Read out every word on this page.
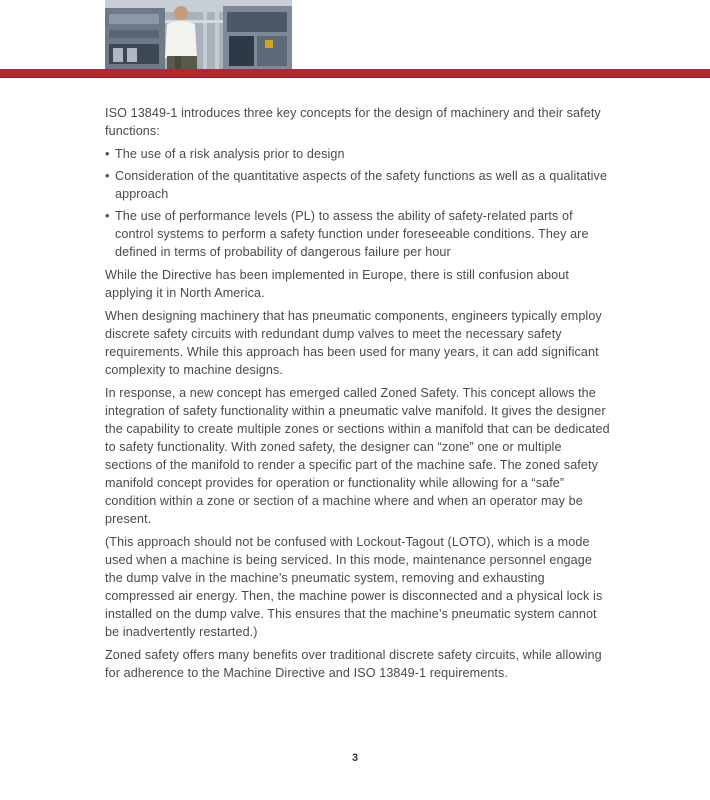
ISO 13849-1 introduces three key concepts for the design of machinery and their safety functions:

• The use of a risk analysis prior to design
• Consideration of the quantitative aspects of the safety functions as well as a qualitative approach
• The use of performance levels (PL) to assess the ability of safety-related parts of control systems to perform a safety function under foreseeable conditions. They are defined in terms of probability of dangerous failure per hour

While the Directive has been implemented in Europe, there is still confusion about applying it in North America.

When designing machinery that has pneumatic components, engineers typically employ discrete safety circuits with redundant dump valves to meet the necessary safety requirements. While this approach has been used for many years, it can add significant complexity to machine designs.

In response, a new concept has emerged called Zoned Safety. This concept allows the integration of safety functionality within a pneumatic valve manifold. It gives the designer the capability to create multiple zones or sections within a manifold that can be dedicated to safety functionality. With zoned safety, the designer can “zone” one or multiple sections of the manifold to render a specific part of the machine safe. The zoned safety manifold concept provides for operation or functionality while allowing for a “safe” condition within a zone or section of a machine where and when an operator may be present.

(This approach should not be confused with Lockout-Tagout (LOTO), which is a mode used when a machine is being serviced. In this mode, maintenance personnel engage the dump valve in the machine’s pneumatic system, removing and exhausting compressed air energy. Then, the machine power is disconnected and a physical lock is installed on the dump valve. This ensures that the machine’s pneumatic system cannot be inadvertently restarted.)

Zoned safety offers many benefits over traditional discrete safety circuits, while allowing for adherence to the Machine Directive and ISO 13849-1 requirements.

3
